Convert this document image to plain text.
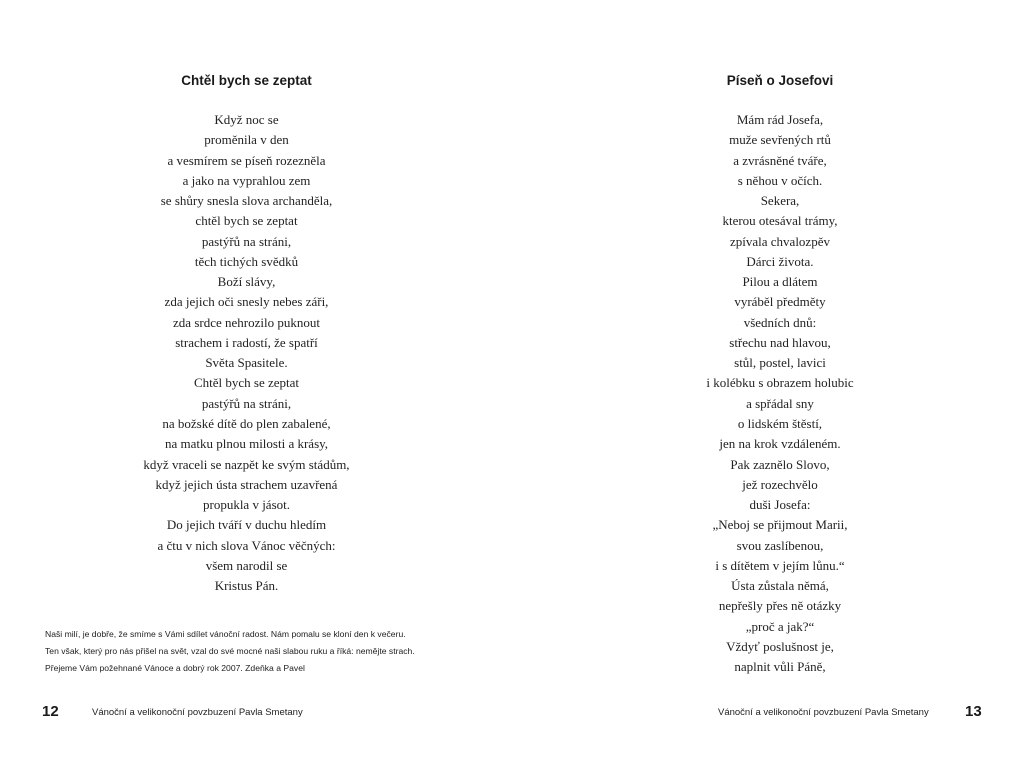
Chtěl bych se zeptat
Když noc se
proměnila v den
a vesmírem se píseň rozezněla
a jako na vyprahlou zem
se shůry snesla slova archanděla,
chtěl bych se zeptat
pastýřů na stráni,
těch tichých svědků
Boží slávy,
zda jejich oči snesly nebes záři,
zda srdce nehrozilo puknout
strachem i radostí, že spatří
Světa Spasitele.
Chtěl bych se zeptat
pastýřů na stráni,
na božské dítě do plen zabalené,
na matku plnou milosti a krásy,
když vraceli se nazpět ke svým stádům,
když jejich ústa strachem uzavřená
propukla v jásot.
Do jejich tváří v duchu hledím
a čtu v nich slova Vánoc věčných:
všem narodil se
Kristus Pán.
Naši milí, je dobře, že smíme s Vámi sdílet vánoční radost. Nám pomalu se kloní den k večeru.
Ten však, který pro nás přišel na svět, vzal do své mocné naši slabou ruku a říká: nemějte strach.
Přejeme Vám požehnané Vánoce a dobrý rok 2007. Zdeňka a Pavel
12	Vánoční a velikonoční povzbuzení Pavla Smetany
Píseň o Josefovi
Mám rád Josefa,
muže sevřených rtů
a zvrásněné tváře,
s něhou v očích.
Sekera,
kterou otesával trámy,
zpívala chvalozpěv
Dárci života.
Pilou a dlátem
vyráběl předměty
všedních dnů:
střechu nad hlavou,
stůl, postel, lavici
i kolébku s obrazem holubic
a spřádal sny
o lidském štěstí,
jen na krok vzdáleném.
Pak zaznělo Slovo,
jež rozechvělo
duši Josefa:
„Neboj se přijmout Marii,
svou zaslíbenou,
i s dítětem v jejím lůnu.“
Ústa zůstala němá,
nepřešly přes ně otázky
„proč a jak?“
Vždyť poslušnost je,
naplnit vůli Páně,
Vánoční a velikonoční povzbuzení Pavla Smetany 13
